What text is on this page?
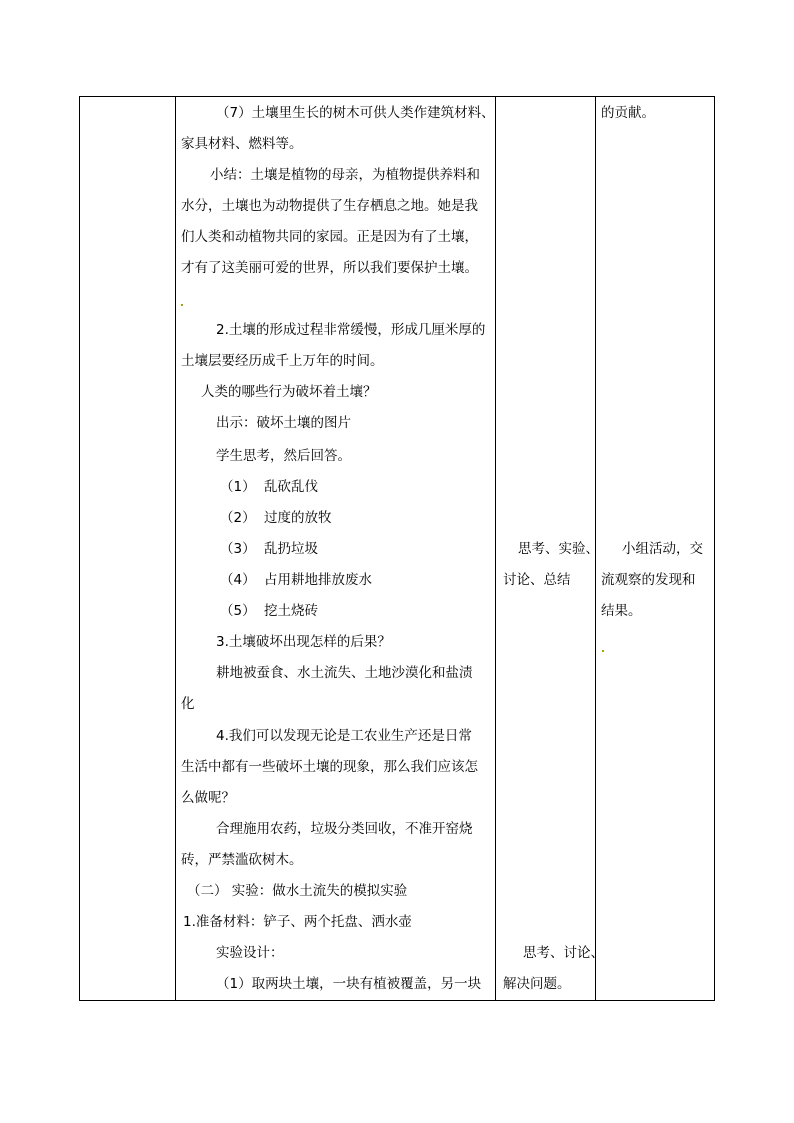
（7）土壤里生长的树木可供人类作建筑材料、
家具材料、燃料等。
小结：土壤是植物的母亲，为植物提供养料和
水分，土壤也为动物提供了生存栖息之地。她是我
们人类和动植物共同的家园。正是因为有了土壤，
才有了这美丽可爱的世界，所以我们要保护土壤。
2.土壤的形成过程非常缓慢，形成几厘米厚的
土壤层要经历成千上万年的时间。
人类的哪些行为破坏着土壤？
出示：破坏土壤的图片
学生思考，然后回答。
（1） 乱砍乱伐
（2） 过度的放牧
（3） 乱扔垃圾
（4） 占用耕地排放废水
（5） 挖土烧砖
3.土壤破坏出现怎样的后果？
耕地被蚕食、水土流失、土地沙漠化和盐渍
化
4.我们可以发现无论是工农业生产还是日常
生活中都有一些破坏土壤的现象，那么我们应该怎
么做呢？
合理施用农药，垃圾分类回收，不准开窑烧
砖，严禁滥砍树木。
（二） 实验：做水土流失的模拟实验
1.准备材料：铲子、两个托盘、洒水壶
实验设计：
（1）取两块土壤，一块有植被覆盖，另一块
思考、实验、
讨论、总结
思考、讨论、
解决问题。
的贡献。
小组活动，交
流观察的发现和
结果。
